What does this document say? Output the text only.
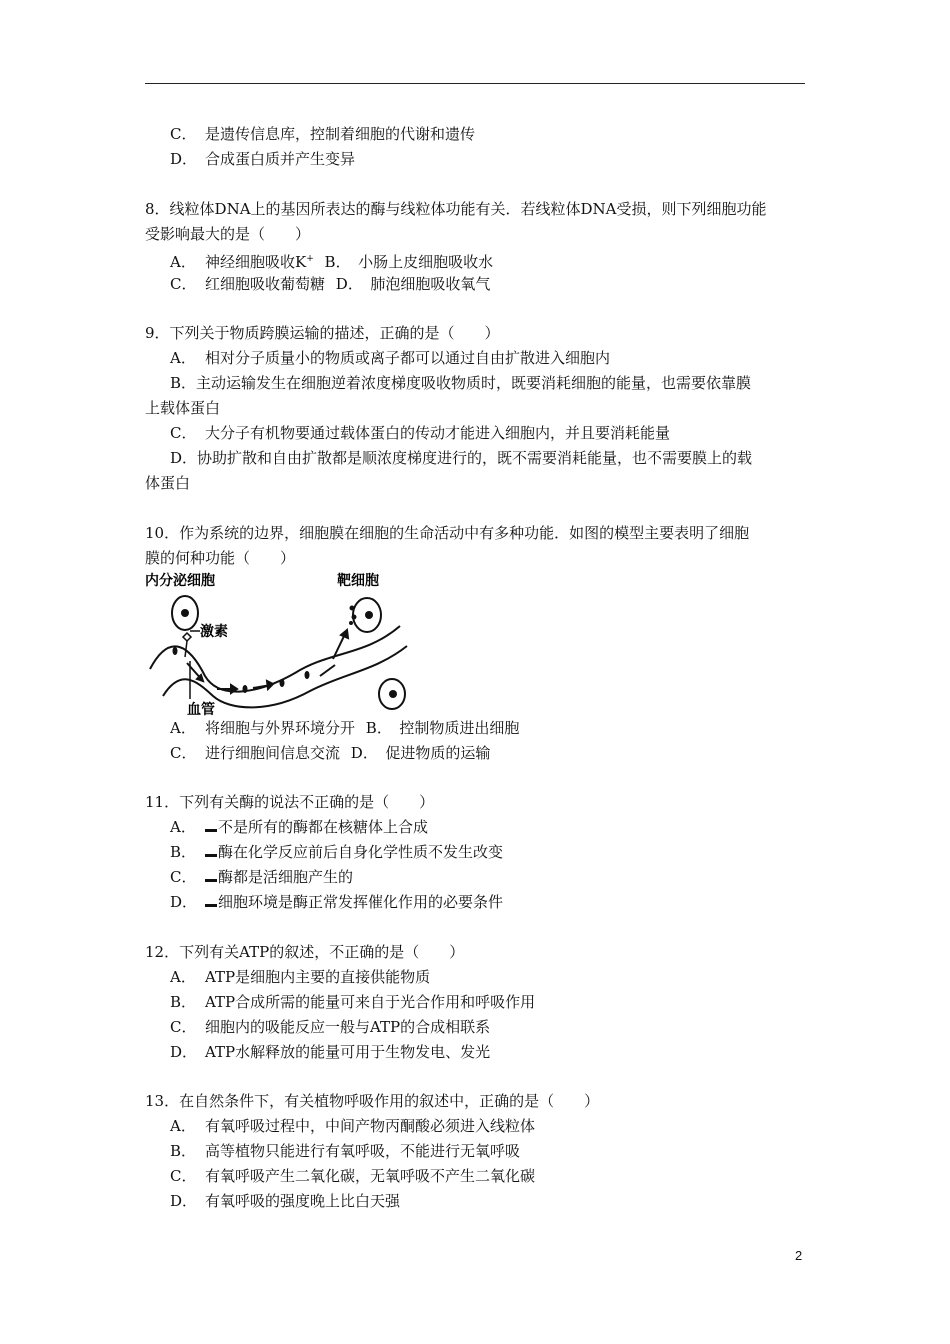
C． 是遗传信息库，控制着细胞的代谢和遗传
D． 合成蛋白质并产生变异
8．线粒体DNA上的基因所表达的酶与线粒体功能有关．若线粒体DNA受损，则下列细胞功能
受影响最大的是（　　）
A． 神经细胞吸收K+ B．　 小肠上皮细胞吸收水
C． 红细胞吸收葡萄糖 D．　 肺泡细胞吸收氧气
9．下列关于物质跨膜运输的描述，正确的是（　　）
A． 相对分子质量小的物质或离子都可以通过自由扩散进入细胞内
B．主动运输发生在细胞逆着浓度梯度吸收物质时，既要消耗细胞的能量，也需要依靠膜
上载体蛋白
C． 大分子有机物要通过载体蛋白的传动才能进入细胞内，并且要消耗能量
D．协助扩散和自由扩散都是顺浓度梯度进行的，既不需要消耗能量，也不需要膜上的载
体蛋白
10．作为系统的边界，细胞膜在细胞的生命活动中有多种功能．如图的模型主要表明了细胞
膜的何种功能（　　）
内分泌细胞	靶细胞
激素
血管
A． 将细胞与外界环境分开 B．　 控制物质进出细胞
C． 进行细胞间信息交流 D．　 促进物质的运输
11．下列有关酶的说法不正确的是（　　）
A． 不是所有的酶都在核糖体上合成
B． 酶在化学反应前后自身化学性质不发生改变
C． 酶都是活细胞产生的
D． 细胞环境是酶正常发挥催化作用的必要条件
12．下列有关ATP的叙述，不正确的是（　　）
A． ATP是细胞内主要的直接供能物质
B． ATP合成所需的能量可来自于光合作用和呼吸作用
C． 细胞内的吸能反应一般与ATP的合成相联系
D． ATP水解释放的能量可用于生物发电、发光
13．在自然条件下，有关植物呼吸作用的叙述中，正确的是（　　）
A． 有氧呼吸过程中，中间产物丙酮酸必须进入线粒体
B． 高等植物只能进行有氧呼吸，不能进行无氧呼吸
C． 有氧呼吸产生二氧化碳，无氧呼吸不产生二氧化碳
D． 有氧呼吸的强度晚上比白天强
2
